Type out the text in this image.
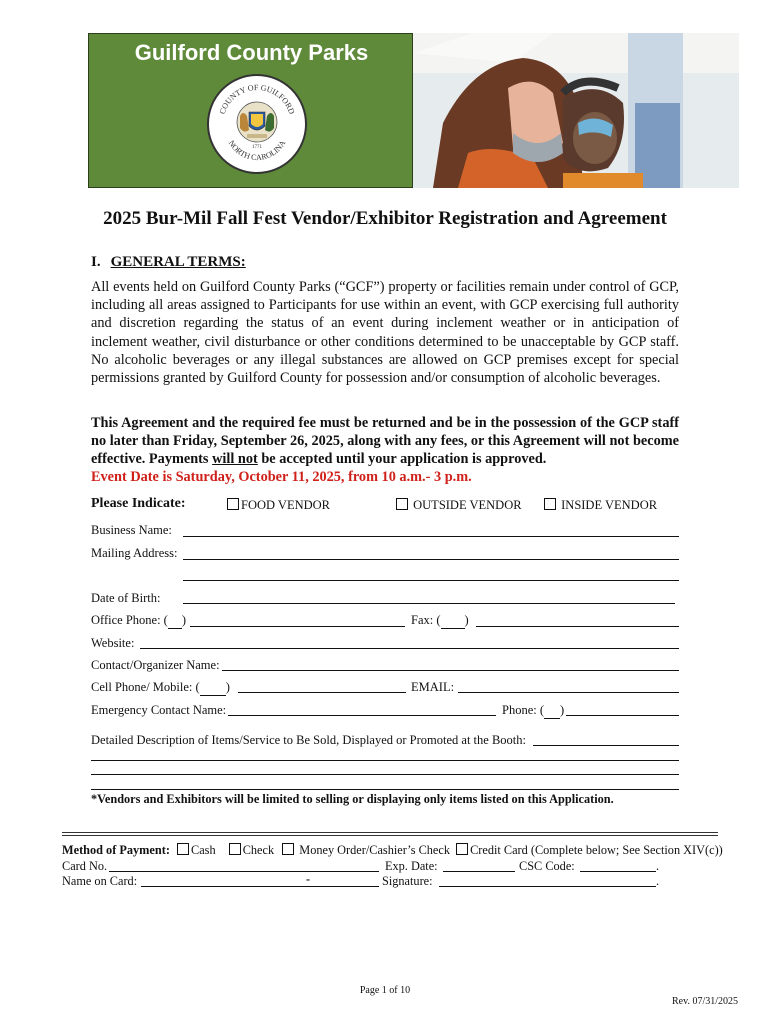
Guilford County Parks
COUNTY OF GUILFORD
NORTH CAROLINA
1771
2025 Bur-Mil Fall Fest Vendor/Exhibitor Registration and Agreement
I. GENERAL TERMS:
All events held on Guilford County Parks (“GCF”) property or facilities remain under control of GCP, including all areas assigned to Participants for use within an event, with GCP exercising full authority and discretion regarding the status of an event during inclement weather or in anticipation of inclement weather, civil disturbance or other conditions determined to be unacceptable by GCP staff. No alcoholic beverages or any illegal substances are allowed on GCP premises except for special permissions granted by Guilford County for possession and/or consumption of alcoholic beverages.
This Agreement and the required fee must be returned and be in the possession of the GCP staff no later than Friday, September 26, 2025, along with any fees, or this Agreement will not become effective. Payments will not be accepted until your application is approved.
Event Date is Saturday, October 11, 2025, from 10 a.m.- 3 p.m.
Please Indicate:	FOOD VENDOR	OUTSIDE VENDOR	INSIDE VENDOR
Business Name:
Mailing Address:
Date of Birth:
Office Phone: ( )	Fax: ( )
Website:
Contact/Organizer Name:
Cell Phone/ Mobile: ( )	EMAIL:
Emergency Contact Name:	Phone: ( )
Detailed Description of Items/Service to Be Sold, Displayed or Promoted at the Booth:
*Vendors and Exhibitors will be limited to selling or displaying only items listed on this Application.
Method of Payment: Cash Check Money Order/Cashier’s Check Credit Card (Complete below; See Section XIV(c))
Card No.	Exp. Date:	CSC Code:	.
Name on Card:	-	Signature:	.
Page 1 of 10
Rev. 07/31/2025
